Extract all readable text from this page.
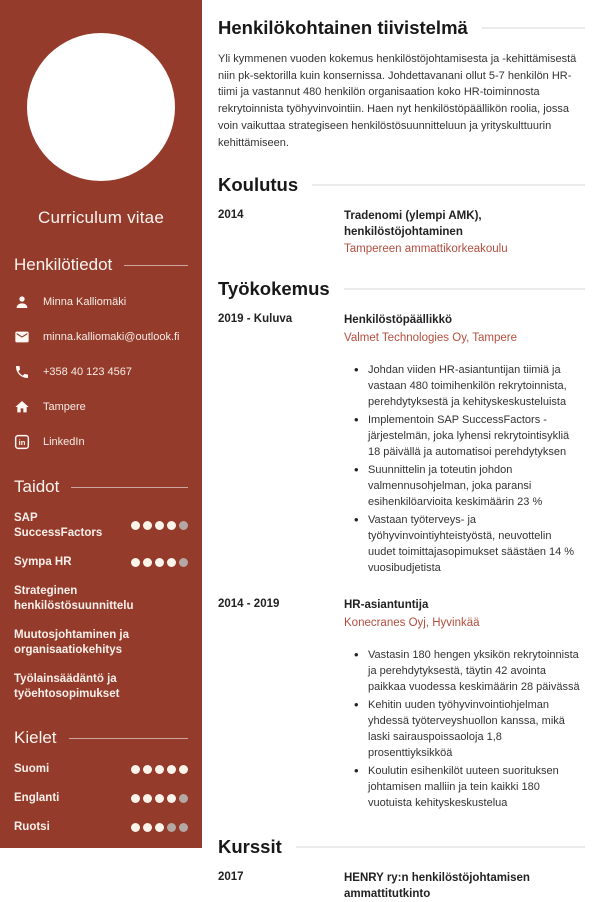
Curriculum vitae
Henkilötiedot
Minna Kalliomäki
minna.kalliomaki@outlook.fi
+358 40 123 4567
Tampere
in LinkedIn
Taidot
SAP SuccessFactors
Sympa HR
Strateginen henkilöstösuunnittelu
Muutosjohtaminen ja organisaatiokehitys
Työlainsäädäntö ja työehtosopimukset
Kielet
Suomi
Englanti
Ruotsi
Henkilökohtainen tiivistelmä

Yli kymmenen vuoden kokemus henkilöstöjohtamisesta ja -kehittämisestä niin pk-sektorilla kuin konsernissa. Johdettavanani ollut 5-7 henkilön HR-tiimi ja vastannut 480 henkilön organisaation koko HR-toiminnosta rekrytoinnista työhyvinvointiin. Haen nyt henkilöstöpäällikön roolia, jossa voin vaikuttaa strategiseen henkilöstösuunnitteluun ja yrityskulttuurin kehittämiseen.

Koulutus
2014	Tradenomi (ylempi AMK), henkilöstöjohtaminen
Tampereen ammattikorkeakoulu
Työkokemus
2019 - Kuluva	Henkilöstöpäällikkö
Valmet Technologies Oy, Tampere
• Johdan viiden HR-asiantuntijan tiimiä ja vastaan 480 toimihenkilön rekrytoinnista, perehdytyksestä ja kehityskeskusteluista
• Implementoin SAP SuccessFactors -järjestelmän, joka lyhensi rekrytointisykliä 18 päivällä ja automatisoi perehdytyksen
• Suunnittelin ja toteutin johdon valmennusohjelman, joka paransi esihenkilöarvioita keskimäärin 23 %
• Vastaan työterveys- ja työhyvinvointiyhteistyöstä, neuvottelin uudet toimittajasopimukset säästäen 14 % vuosibudjetista
2014 - 2019	HR-asiantuntija
Konecranes Oyj, Hyvinkää
• Vastasin 180 hengen yksikön rekrytoinnista ja perehdytyksestä, täytin 42 avointa paikkaa vuodessa keskimäärin 28 päivässä
• Kehitin uuden työhyvinvointiohjelman yhdessä työterveyshuollon kanssa, mikä laski sairauspoissaoloja 1,8 prosenttiyksikköä
• Koulutin esihenkilöt uuteen suorituksen johtamisen malliin ja tein kaikki 180 vuotuista kehityskeskustelua
Kurssit
2017	HENRY ry:n henkilöstöjohtamisen ammattitutkinto
